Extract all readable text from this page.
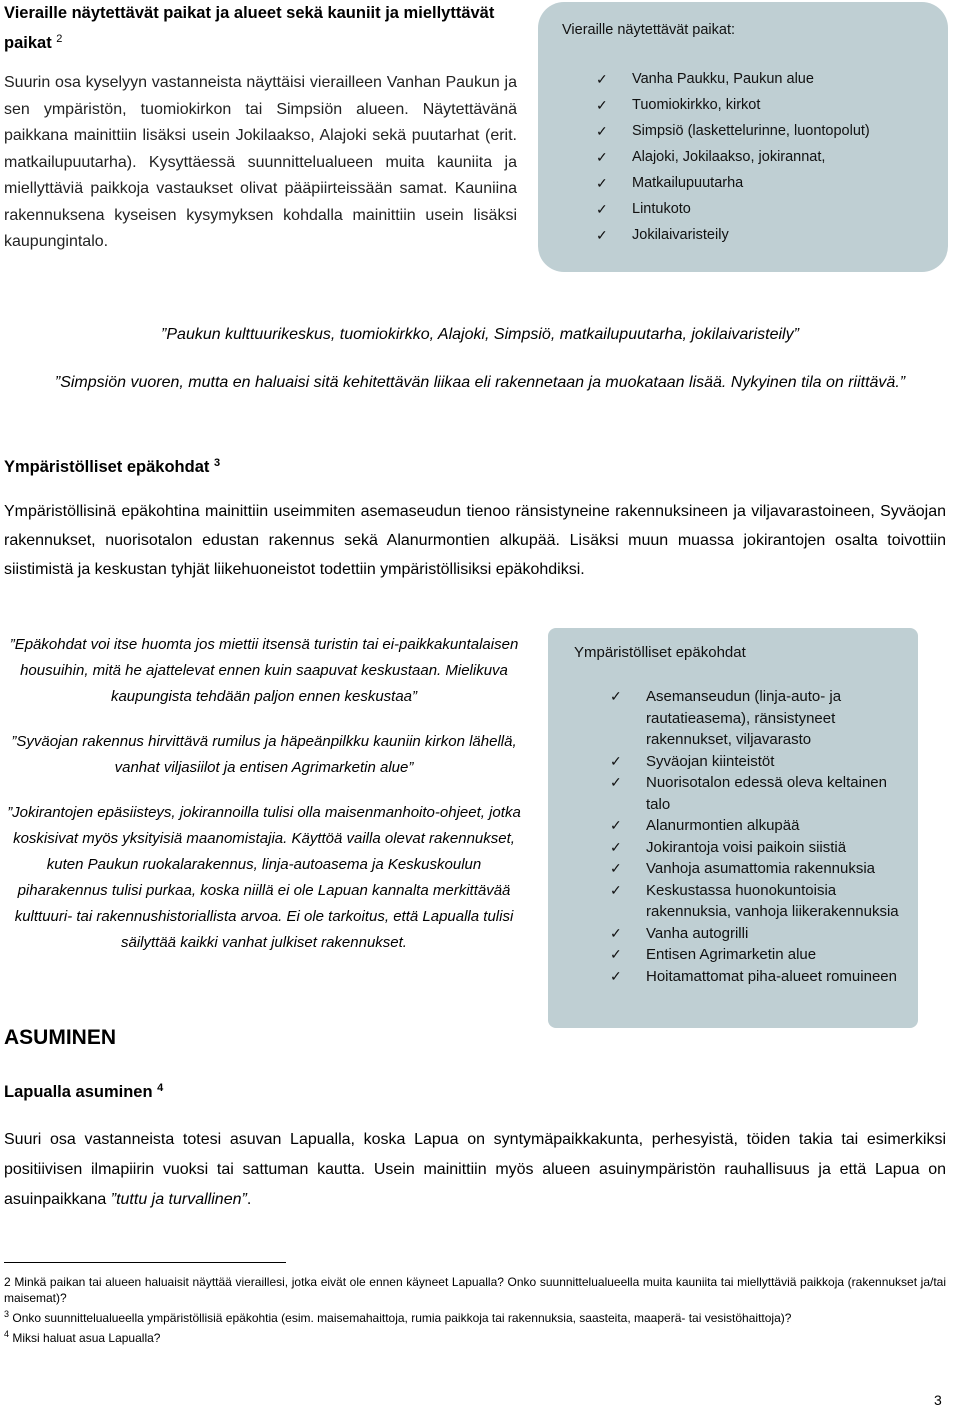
Vieraille näytettävät paikat ja alueet sekä kauniit ja miellyttävät paikat $^2$
Suurin osa kyselyyn vastanneista näyttäisi vierailleen Vanhan Paukun ja sen ympäristön, tuomiokirkon tai Simpsiön alueen. Näytettävänä paikkana mainittiin lisäksi usein Jokilaakso, Alajoki sekä puutarhat (erit. matkailupuutarha). Kysyttäessä suunnittelualueen muita kauniita ja miellyttäviä paikkoja vastaukset olivat pääpiirteissään samat. Kauniina rakennuksena kyseisen kysymyksen kohdalla mainittiin usein lisäksi kaupungintalo.
Vieraille näytettävät paikat:
✓ Vanha Paukku, Paukun alue
✓ Tuomiokirkko, kirkot
✓ Simpsiö (laskettelurinne, luontopolut)
✓ Alajoki, Jokilaakso, jokirannat,
✓ Matkailupuutarha
✓ Lintukoto
✓ Jokilaivaristeily
”Paukun kulttuurikeskus, tuomiokirkko, Alajoki, Simpsiö, matkailupuutarha, jokilaivaristeily”
”Simpsiön vuoren, mutta en haluaisi sitä kehitettävän liikaa eli rakennetaan ja muokataan lisää. Nykyinen tila on riittävä.”
Ympäristölliset epäkohdat $^3$
Ympäristöllisinä epäkohtina mainittiin useimmiten asemaseudun tienoo ränsistyneine rakennuksineen ja viljavarastoineen, Syväojan rakennukset, nuorisotalon edustan rakennus sekä Alanurmontien alkupää. Lisäksi muun muassa jokirantojen osalta toivottiin siistimistä ja keskustan tyhjät liikehuoneistot todettiin ympäristöllisiksi epäkohdiksi.
”Epäkohdat voi itse huomta jos miettii itsensä turistin tai ei-paikkakuntalaisen housuihin, mitä he ajattelevat ennen kuin saapuvat keskustaan. Mielikuva kaupungista tehdään paljon ennen keskustaa”
”Syväojan rakennus hirvittävä rumilus ja häpeänpilkku kauniin kirkon lähellä, vanhat viljasiilot ja entisen Agrimarketin alue”
”Jokirantojen epäsiisteys, jokirannoilla tulisi olla maisenmanhoito-ohjeet, jotka koskisivat myös yksityisiä maanomistajia. Käyttöä vailla olevat rakennukset, kuten Paukun ruokalarakennus, linja-autoasema ja Keskuskoulun piharakennus tulisi purkaa, koska niillä ei ole Lapuan kannalta merkittävää kulttuuri- tai rakennushistoriallista arvoa. Ei ole tarkoitus, että Lapualla tulisi säilyttää kaikki vanhat julkiset rakennukset.
Ympäristölliset epäkohdat
✓ Asemanseudun (linja-auto- ja rautatieasema), ränsistyneet rakennukset, viljavarasto
✓ Syväojan kiinteistöt
✓ Nuorisotalon edessä oleva keltainen talo
✓ Alanurmontien alkupää
✓ Jokirantoja voisi paikoin siistiä
✓ Vanhoja asumattomia rakennuksia
✓ Keskustassa huonokuntoisia rakennuksia, vanhoja liikerakennuksia
✓ Vanha autogrilli
✓ Entisen Agrimarketin alue
✓ Hoitamattomat piha-alueet romuineen
ASUMINEN
Lapualla asuminen $^4$
Suuri osa vastanneista totesi asuvan Lapualla, koska Lapua on syntymäpaikkakunta, perhesyistä, töiden takia tai esimerkiksi positiivisen ilmapiirin vuoksi tai sattuman kautta. Usein mainittiin myös alueen asuinympäristön rauhallisuus ja että Lapua on asuinpaikkana ”tuttu ja turvallinen”.

2 Minkä paikan tai alueen haluaisit näyttää vieraillesi, jotka eivät ole ennen käyneet Lapualla? Onko suunnittelualueella muita kauniita tai miellyttäviä paikkoja (rakennukset ja/tai maisemat)?

$^3$ Onko suunnittelualueella ympäristöllisiä epäkohtia (esim. maisemahaittoja, rumia paikkoja tai rakennuksia, saasteita, maaperä- tai vesistöhaittoja)?

$^4$ Miksi haluat asua Lapualla?

3
